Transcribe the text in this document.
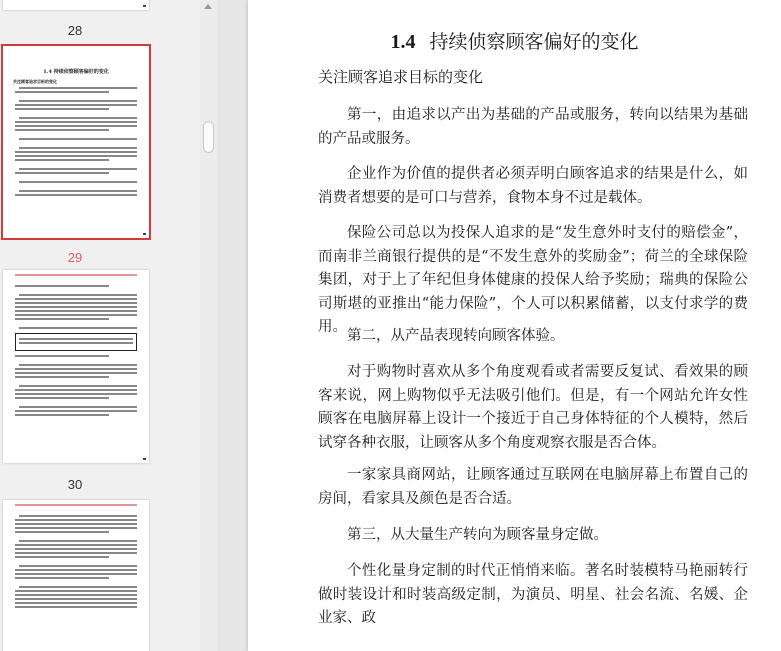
28
1.4 持续侦察顾客偏好的变化
关注顾客追求目标的变化
29
30
1.4 持续侦察顾客偏好的变化
关注顾客追求目标的变化

第一，由追求以产出为基础的产品或服务，转向以结果为基础的产品或服务。

企业作为价值的提供者必须弄明白顾客追求的结果是什么，如消费者想要的是可口与营养，食物本身不过是载体。

保险公司总以为投保人追求的是“发生意外时支付的赔偿金”，而南非兰商银行提供的是“不发生意外的奖励金”；荷兰的全球保险集团，对于上了年纪但身体健康的投保人给予奖励；瑞典的保险公司斯堪的亚推出“能力保险”，个人可以积累储蓄，以支付求学的费用。

第二，从产品表现转向顾客体验。

对于购物时喜欢从多个角度观看或者需要反复试、看效果的顾客来说，网上购物似乎无法吸引他们。但是，有一个网站允许女性顾客在电脑屏幕上设计一个接近于自己身体特征的个人模特，然后试穿各种衣服，让顾客从多个角度观察衣服是否合体。

一家家具商网站，让顾客通过互联网在电脑屏幕上布置自己的房间，看家具及颜色是否合适。

第三，从大量生产转向为顾客量身定做。

个性化量身定制的时代正悄悄来临。著名时装模特马艳丽转行做时装设计和时装高级定制，为演员、明星、社会名流、名媛、企业家、政
